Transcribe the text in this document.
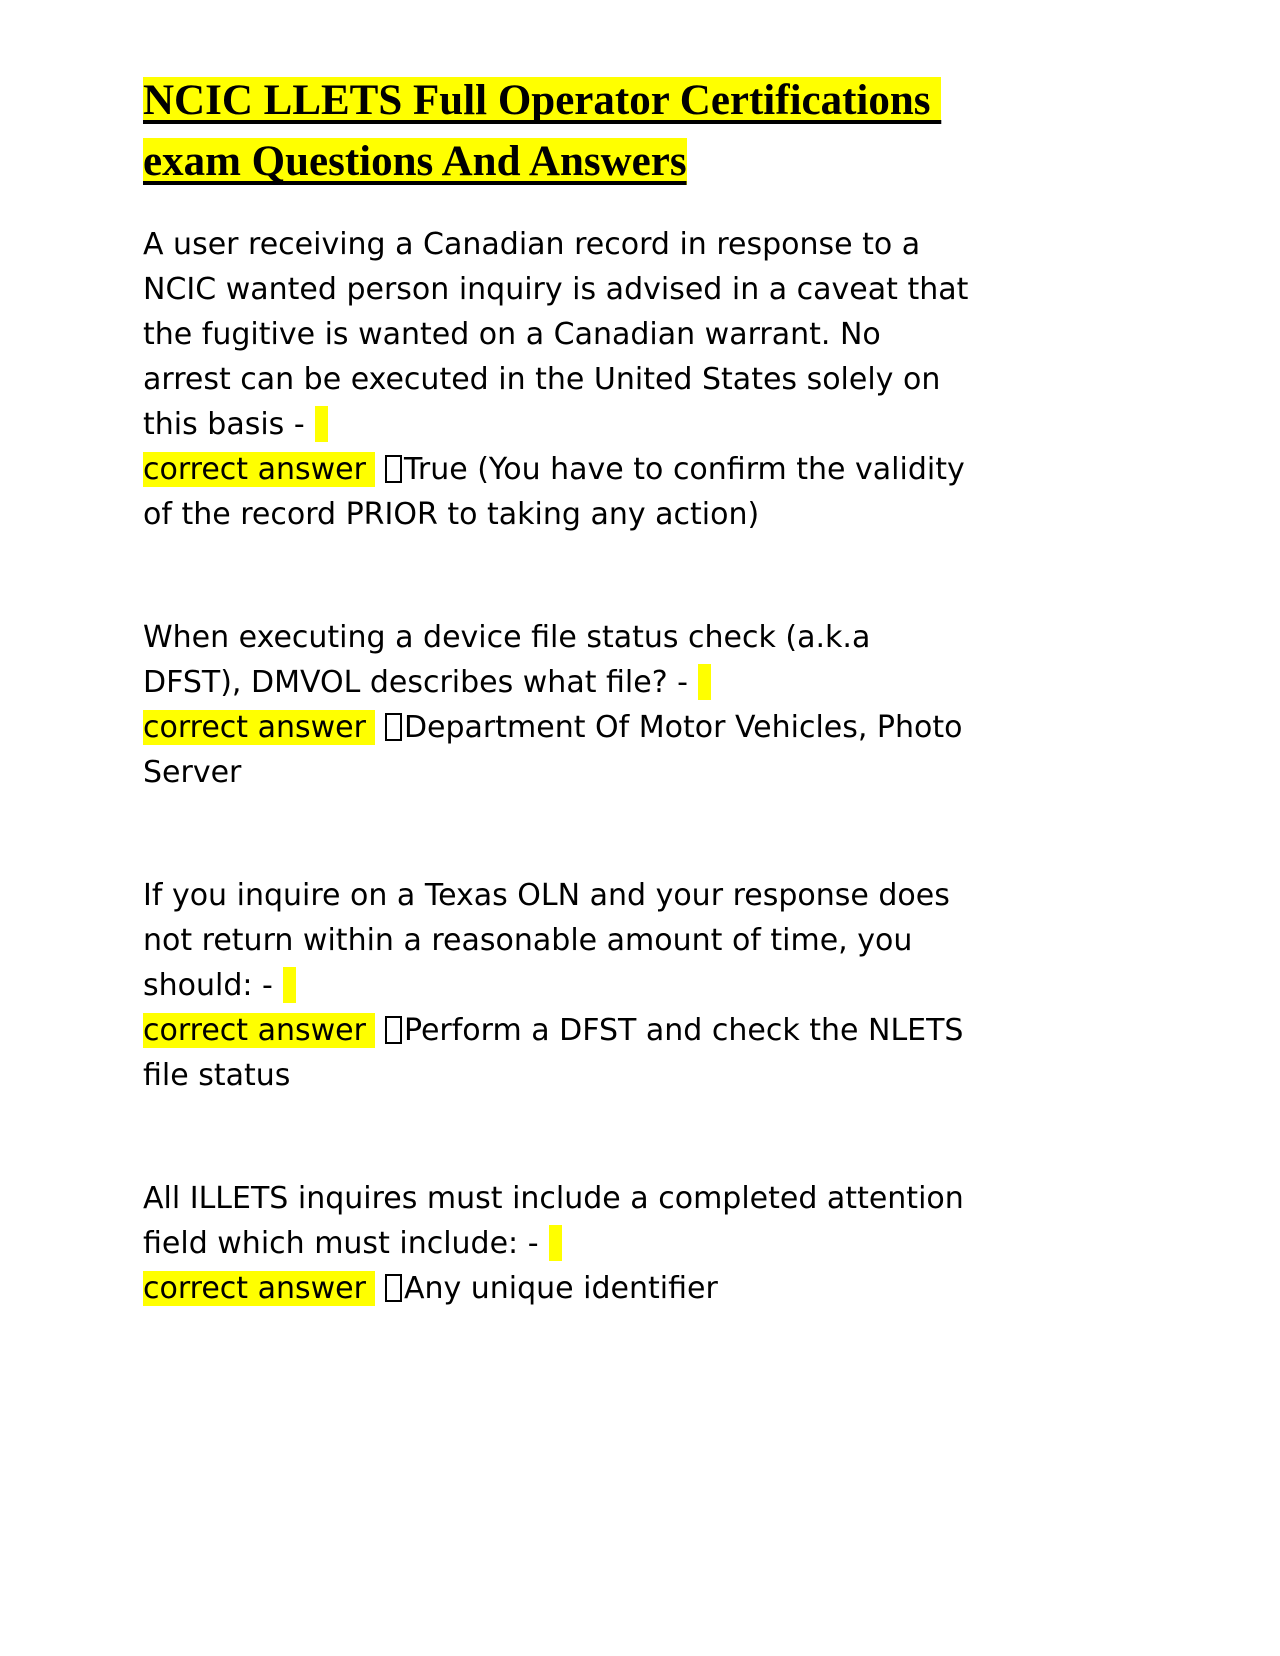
NCIC LLETS Full Operator Certifications
exam Questions And Answers
A user receiving a Canadian record in response to a
NCIC wanted person inquiry is advised in a caveat that
the fugitive is wanted on a Canadian warrant. No
arrest can be executed in the United States solely on
this basis -
correct answer True (You have to confirm the validity
of the record PRIOR to taking any action)
When executing a device file status check (a.k.a
DFST), DMVOL describes what file? -
correct answer Department Of Motor Vehicles, Photo
Server
If you inquire on a Texas OLN and your response does
not return within a reasonable amount of time, you
should: -
correct answer Perform a DFST and check the NLETS
file status
All ILLETS inquires must include a completed attention
field which must include: -
correct answer Any unique identifier
